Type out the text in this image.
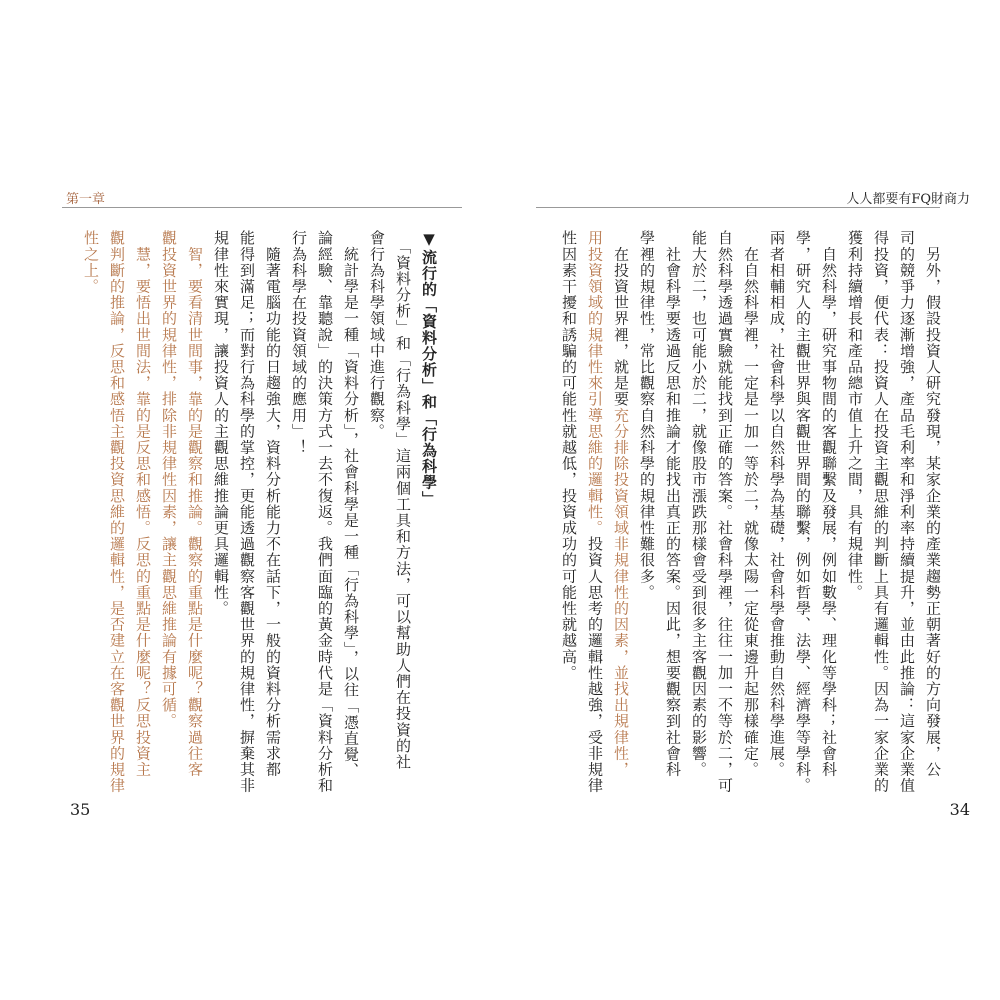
第一章	人人都要有FQ財商力
　另外，假設投資人研究發現，某家企業的產業趨勢正朝著好的方向發展，公
司的競爭力逐漸增強，產品毛利率和淨利率持續提升，並由此推論：這家企業值
得投資，便代表：投資人在投資主觀思維的判斷上具有邏輯性。因為一家企業的
獲利持續增長和產品總市值上升之間，具有規律性。
　自然科學，研究事物間的客觀聯繫及發展，例如數學、理化等學科；社會科
學，研究人的主觀世界與客觀世界間的聯繫，例如哲學、法學、經濟學等學科。
兩者相輔相成，社會科學以自然科學為基礎，社會科學會推動自然科學進展。
　在自然科學裡，一定是一加一等於二，就像太陽一定從東邊升起那樣確定。
自然科學透過實驗就能找到正確的答案。社會科學裡，往往一加一不等於二，可
能大於二，也可能小於二，就像股市漲跌那樣會受到很多主客觀因素的影響。
　社會科學要透過反思和推論才能找出真正的答案。因此，想要觀察到社會科
學裡的規律性，常比觀察自然科學的規律性難很多。
　在投資世界裡，就是要充分排除投資領域非規律性的因素，並找出規律性，
用投資領域的規律性來引導思維的邏輯性。投資人思考的邏輯性越強，受非規律
性因素干擾和誘騙的可能性就越低，投資成功的可能性就越高。
▼流行的「資料分析」和「行為科學」
　「資料分析」和「行為科學」這兩個工具和方法，可以幫助人們在投資的社
會行為科學領域中進行觀察。
　統計學是一種「資料分析」，社會科學是一種「行為科學」，以往「憑直覺、
論經驗、靠聽說」的決策方式一去不復返。我們面臨的黃金時代是「資料分析和
行為科學在投資領域的應用」！
　隨著電腦功能的日趨強大，資料分析能力不在話下，一般的資料分析需求都
能得到滿足；而對行為科學的掌控，更能透過觀察客觀世界的規律性，摒棄其非
規律性來實現，讓投資人的主觀思維推論更具邏輯性。
　智，要看清世間事，靠的是觀察和推論。觀察的重點是什麼呢？觀察過往客
觀投資世界的規律性，排除非規律性因素，讓主觀思維推論有據可循。
　慧，要悟出世間法，靠的是反思和感悟。反思的重點是什麼呢？反思投資主
觀判斷的推論，反思和感悟主觀投資思維的邏輯性，是否建立在客觀世界的規律
性之上。
35	34
